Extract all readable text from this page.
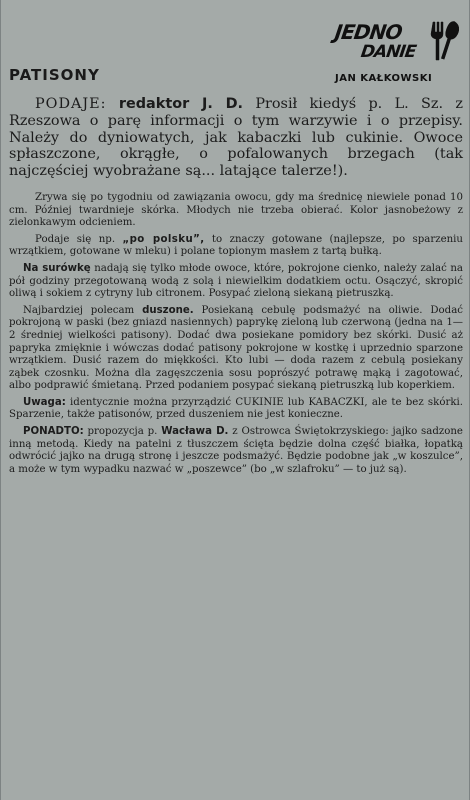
JEDNO
DANIE
JAN KAŁKOWSKI
PATISONY

PODAJE: redaktor J. D. Prosił kiedyś p. L. Sz. z Rzeszowa o parę informacji o tym warzywie i o przepisy. Należy do dyniowatych, jak kabaczki lub cukinie. Owoce spłaszczone, okrągłe, o pofalowanych brzegach (tak najczęściej wyobrażane są... latające talerze!).

Zrywa się po tygodniu od zawiązania owocu, gdy ma średnicę niewiele ponad 10 cm. Później twardnieje skórka. Młodych nie trzeba obierać. Kolor jasnobeżowy z zielonkawym odcieniem.

Podaje się np. „po polsku”, to znaczy gotowane (najlepsze, po sparzeniu wrzątkiem, gotowane w mleku) i polane topionym masłem z tartą bułką.

Na surówkę nadają się tylko młode owoce, które, pokrojone cienko, należy zalać na pół godziny przegotowaną wodą z solą i niewielkim dodatkiem octu. Osączyć, skropić oliwą i sokiem z cytryny lub citronem. Posypać zieloną siekaną pietruszką.

Najbardziej polecam duszone. Posiekaną cebulę podsmażyć na oliwie. Dodać pokrojoną w paski (bez gniazd nasiennych) paprykę zieloną lub czerwoną (jedna na 1—2 średniej wielkości patisony). Dodać dwa posiekane pomidory bez skórki. Dusić aż papryka zmięknie i wówczas dodać patisony pokrojone w kostkę i uprzednio sparzone wrzątkiem. Dusić razem do miękkości. Kto lubi — doda razem z cebulą posiekany ząbek czosnku. Można dla zagęszczenia sosu poprószyć potrawę mąką i zagotować, albo podprawić śmietaną. Przed podaniem posypać siekaną pietruszką lub koperkiem.

Uwaga: identycznie można przyrządzić CUKINIE lub KABACZKI, ale te bez skórki. Sparzenie, także patisonów, przed duszeniem nie jest konieczne.

PONADTO: propozycja p. Wacława D. z Ostrowca Świętokrzyskiego: jajko sadzone inną metodą. Kiedy na patelni z tłuszczem ścięta będzie dolna część białka, łopatką odwrócić jajko na drugą stronę i jeszcze podsmażyć. Będzie podobne jak „w koszulce”, a może w tym wypadku nazwać w „poszewce” (bo „w szlafroku” — to już są).
